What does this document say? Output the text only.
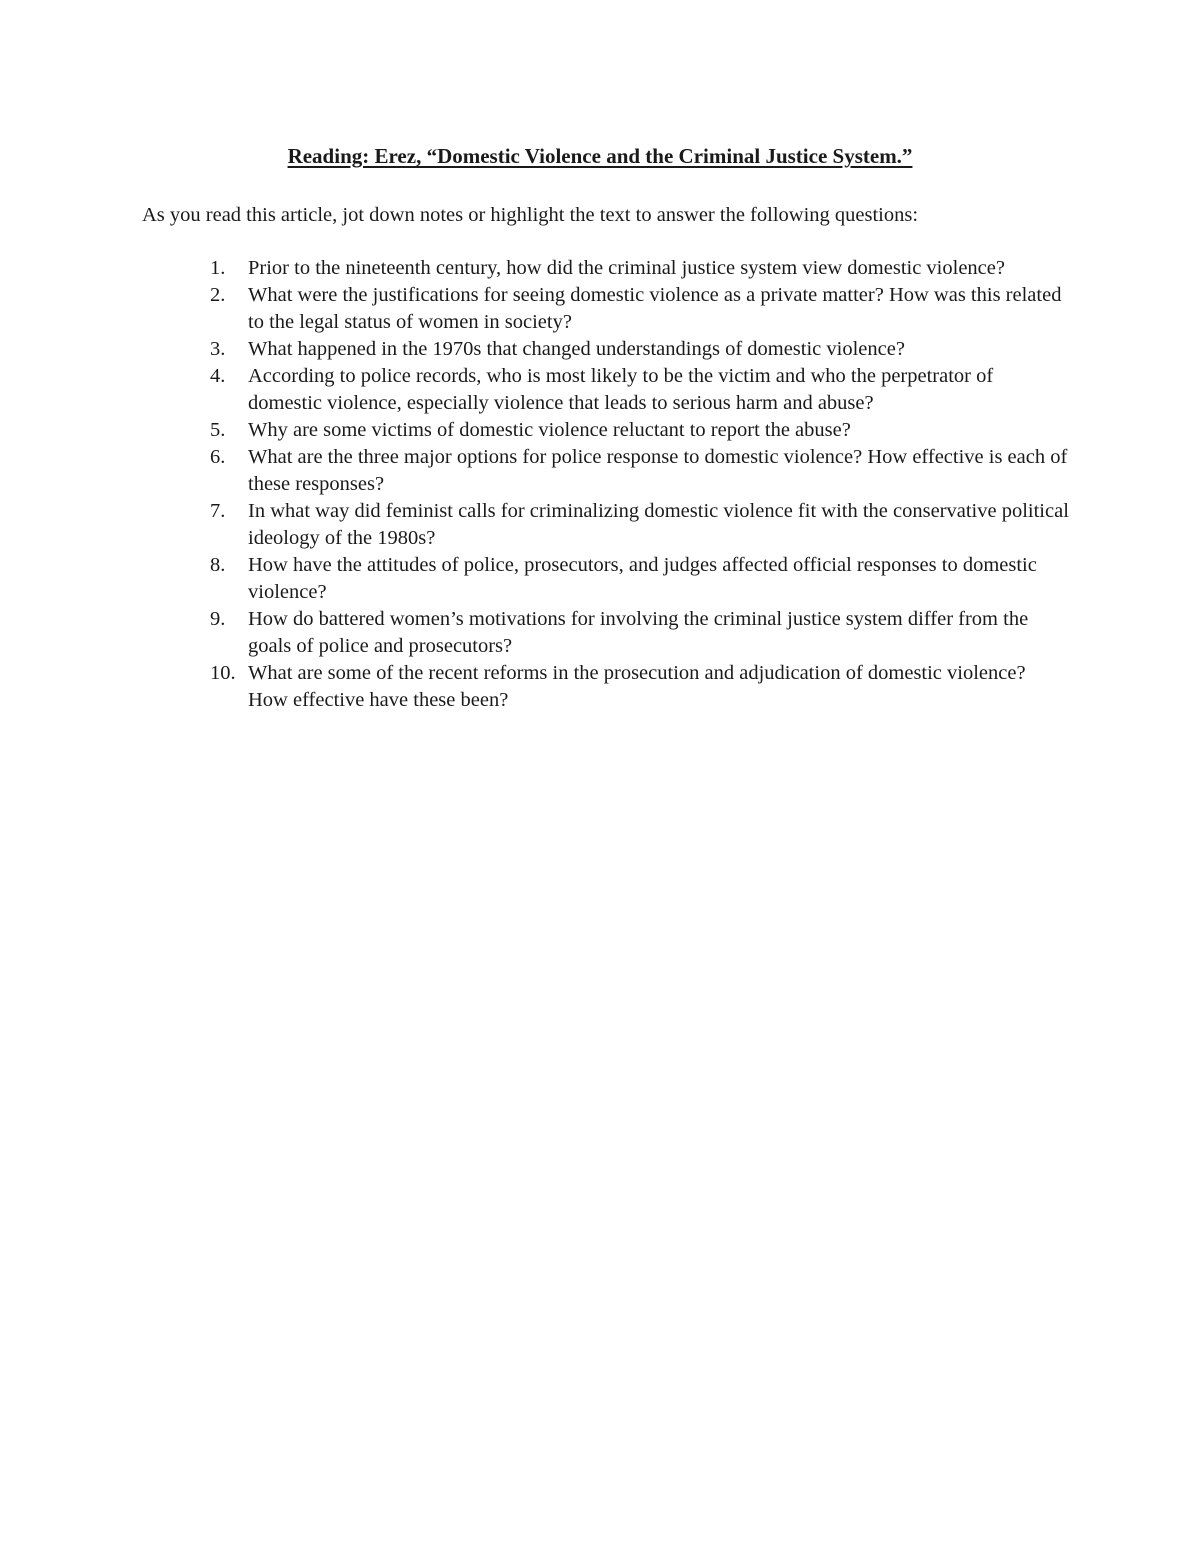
Reading: Erez, “Domestic Violence and the Criminal Justice System.”

As you read this article, jot down notes or highlight the text to answer the following questions:

1.	Prior to the nineteenth century, how did the criminal justice system view domestic violence?
2.	What were the justifications for seeing domestic violence as a private matter? How was this related to the legal status of women in society?
3.	What happened in the 1970s that changed understandings of domestic violence?
4.	According to police records, who is most likely to be the victim and who the perpetrator of domestic violence, especially violence that leads to serious harm and abuse?
5.	Why are some victims of domestic violence reluctant to report the abuse?
6.	What are the three major options for police response to domestic violence? How effective is each of these responses?
7.	In what way did feminist calls for criminalizing domestic violence fit with the conservative political ideology of the 1980s?
8.	How have the attitudes of police, prosecutors, and judges affected official responses to domestic violence?
9.	How do battered women’s motivations for involving the criminal justice system differ from the goals of police and prosecutors?
10. What are some of the recent reforms in the prosecution and adjudication of domestic violence? How effective have these been?
